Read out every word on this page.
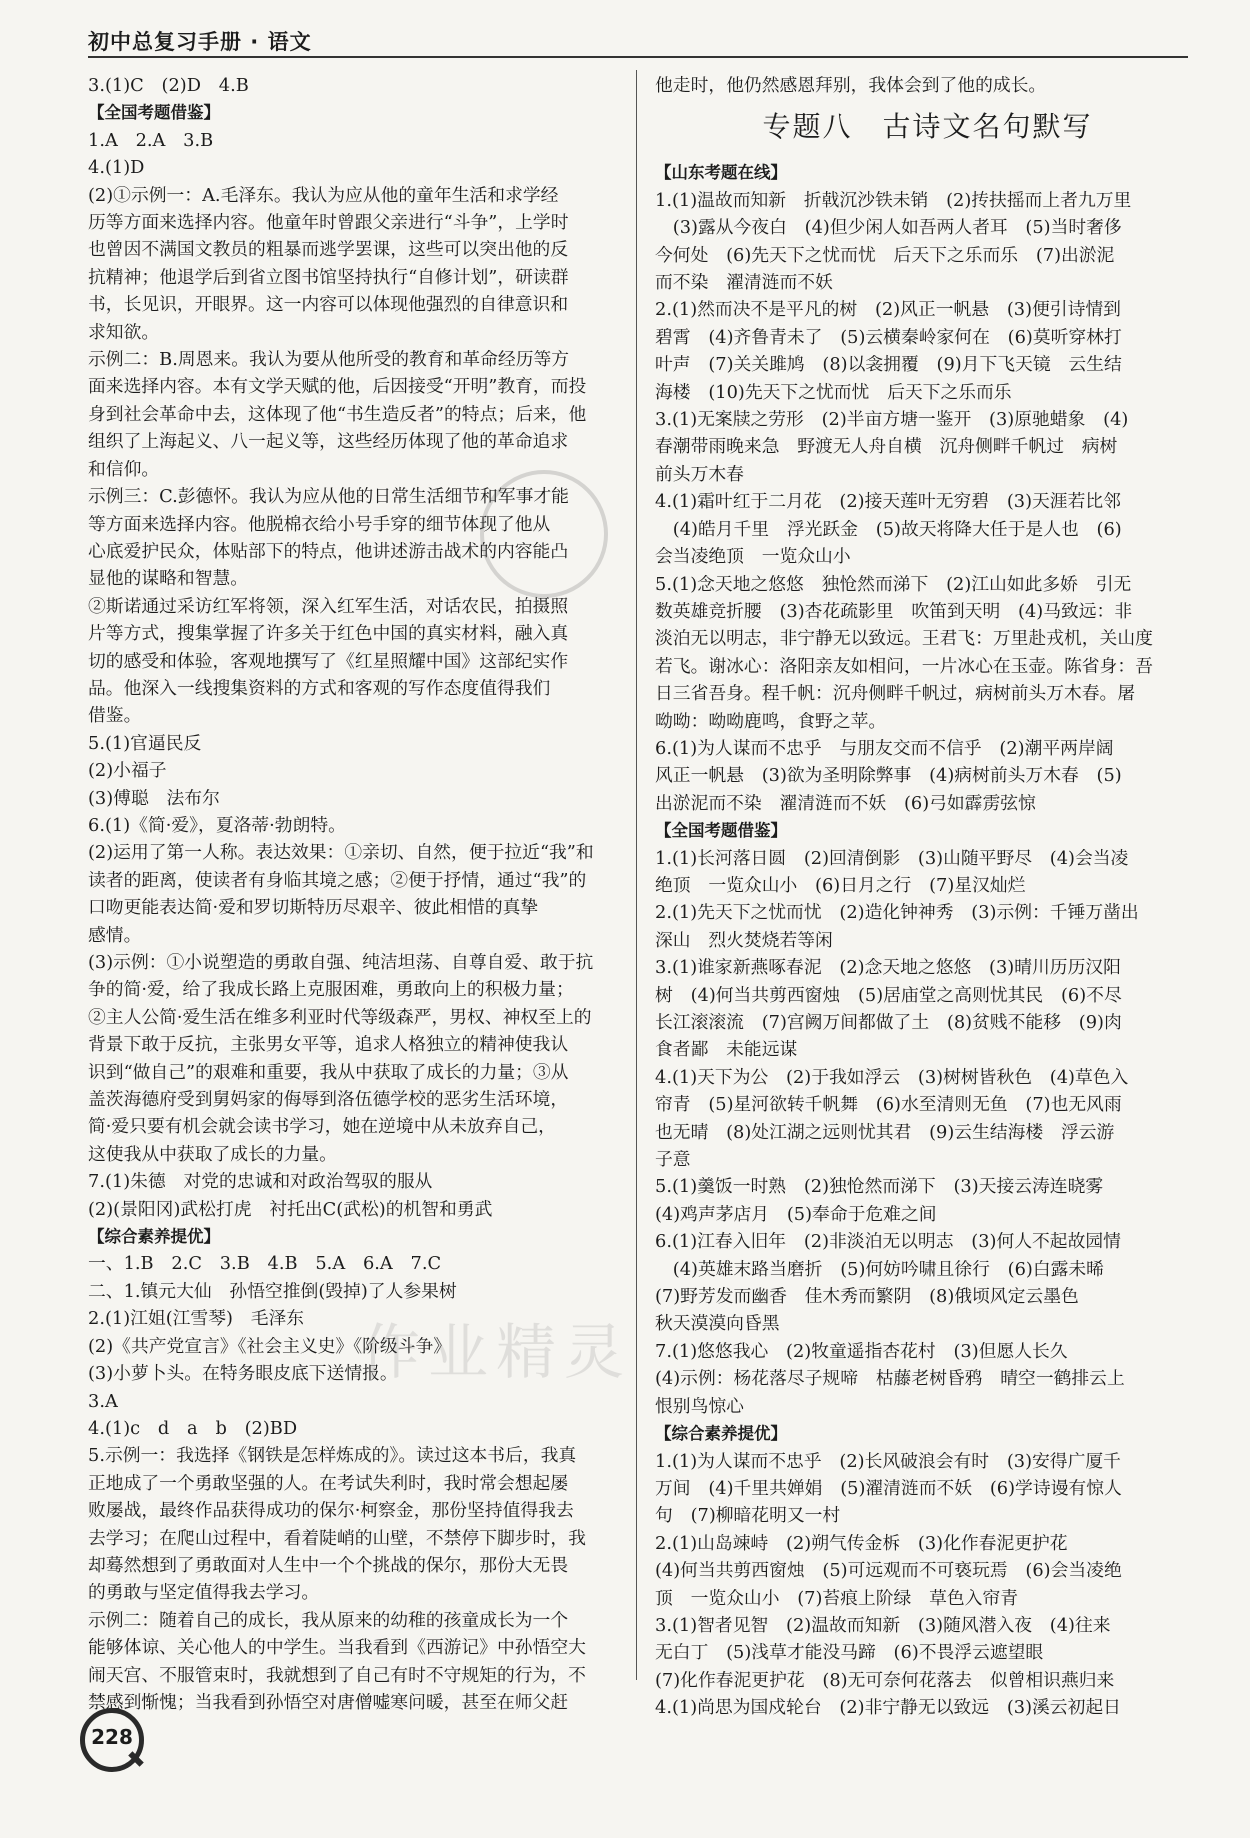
初中总复习手册 · 语文

3.(1)C　(2)D　4.B

【全国考题借鉴】

1.A　2.A　3.B

4.(1)D

(2)①示例一：A.毛泽东。我认为应从他的童年生活和求学经

历等方面来选择内容。他童年时曾跟父亲进行“斗争”，上学时

也曾因不满国文教员的粗暴而逃学罢课，这些可以突出他的反

抗精神；他退学后到省立图书馆坚持执行“自修计划”，研读群

书，长见识，开眼界。这一内容可以体现他强烈的自律意识和

求知欲。

示例二：B.周恩来。我认为要从他所受的教育和革命经历等方

面来选择内容。本有文学天赋的他，后因接受“开明”教育，而投

身到社会革命中去，这体现了他“书生造反者”的特点；后来，他

组织了上海起义、八一起义等，这些经历体现了他的革命追求

和信仰。

示例三：C.彭德怀。我认为应从他的日常生活细节和军事才能

等方面来选择内容。他脱棉衣给小号手穿的细节体现了他从

心底爱护民众，体贴部下的特点，他讲述游击战术的内容能凸

显他的谋略和智慧。

②斯诺通过采访红军将领，深入红军生活，对话农民，拍摄照

片等方式，搜集掌握了许多关于红色中国的真实材料，融入真

切的感受和体验，客观地撰写了《红星照耀中国》这部纪实作

品。他深入一线搜集资料的方式和客观的写作态度值得我们

借鉴。

5.(1)官逼民反

(2)小福子

(3)傅聪　法布尔

6.(1)《简·爱》，夏洛蒂·勃朗特。

(2)运用了第一人称。表达效果：①亲切、自然，便于拉近“我”和

读者的距离，使读者有身临其境之感；②便于抒情，通过“我”的

口吻更能表达简·爱和罗切斯特历尽艰辛、彼此相惜的真挚

感情。

(3)示例：①小说塑造的勇敢自强、纯洁坦荡、自尊自爱、敢于抗

争的简·爱，给了我成长路上克服困难，勇敢向上的积极力量；

②主人公简·爱生活在维多利亚时代等级森严，男权、神权至上的

背景下敢于反抗，主张男女平等，追求人格独立的精神使我认

识到“做自己”的艰难和重要，我从中获取了成长的力量；③从

盖茨海德府受到舅妈家的侮辱到洛伍德学校的恶劣生活环境，

简·爱只要有机会就会读书学习，她在逆境中从未放弃自己，

这使我从中获取了成长的力量。

7.(1)朱德　对党的忠诚和对政治驾驭的服从

(2)(景阳冈)武松打虎　衬托出C(武松)的机智和勇武

【综合素养提优】

一、1.B　2.C　3.B　4.B　5.A　6.A　7.C

二、1.镇元大仙　孙悟空推倒(毁掉)了人参果树

2.(1)江姐(江雪琴)　毛泽东

(2)《共产党宣言》《社会主义史》《阶级斗争》

(3)小萝卜头。在特务眼皮底下送情报。

3.A

4.(1)c　d　a　b　(2)BD

5.示例一：我选择《钢铁是怎样炼成的》。读过这本书后，我真

正地成了一个勇敢坚强的人。在考试失利时，我时常会想起屡

败屡战，最终作品获得成功的保尔·柯察金，那份坚持值得我去

去学习；在爬山过程中，看着陡峭的山壁，不禁停下脚步时，我

却蓦然想到了勇敢面对人生中一个个挑战的保尔，那份大无畏

的勇敢与坚定值得我去学习。

示例二：随着自己的成长，我从原来的幼稚的孩童成长为一个

能够体谅、关心他人的中学生。当我看到《西游记》中孙悟空大

闹天宫、不服管束时，我就想到了自己有时不守规矩的行为，不

禁感到惭愧；当我看到孙悟空对唐僧嘘寒问暖，甚至在师父赶

他走时，他仍然感恩拜别，我体会到了他的成长。

专题八　古诗文名句默写

【山东考题在线】

1.(1)温故而知新　折戟沉沙铁未销　(2)抟扶摇而上者九万里

　(3)露从今夜白　(4)但少闲人如吾两人者耳　(5)当时奢侈

今何处　(6)先天下之忧而忧　后天下之乐而乐　(7)出淤泥

而不染　濯清涟而不妖

2.(1)然而决不是平凡的树　(2)风正一帆悬　(3)便引诗情到

碧霄　(4)齐鲁青未了　(5)云横秦岭家何在　(6)莫听穿林打

叶声　(7)关关雎鸠　(8)以衾拥覆　(9)月下飞天镜　云生结

海楼　(10)先天下之忧而忧　后天下之乐而乐

3.(1)无案牍之劳形　(2)半亩方塘一鉴开　(3)原驰蜡象　(4)

春潮带雨晚来急　野渡无人舟自横　沉舟侧畔千帆过　病树

前头万木春

4.(1)霜叶红于二月花　(2)接天莲叶无穷碧　(3)天涯若比邻

　(4)皓月千里　浮光跃金　(5)故天将降大任于是人也　(6)

会当凌绝顶　一览众山小

5.(1)念天地之悠悠　独怆然而涕下　(2)江山如此多娇　引无

数英雄竞折腰　(3)杏花疏影里　吹笛到天明　(4)马致远：非

淡泊无以明志，非宁静无以致远。王君飞：万里赴戎机，关山度

若飞。谢冰心：洛阳亲友如相问，一片冰心在玉壶。陈省身：吾

日三省吾身。程千帆：沉舟侧畔千帆过，病树前头万木春。屠

呦呦：呦呦鹿鸣，食野之苹。

6.(1)为人谋而不忠乎　与朋友交而不信乎　(2)潮平两岸阔

风正一帆悬　(3)欲为圣明除弊事　(4)病树前头万木春　(5)

出淤泥而不染　濯清涟而不妖　(6)弓如霹雳弦惊

【全国考题借鉴】

1.(1)长河落日圆　(2)回清倒影　(3)山随平野尽　(4)会当凌

绝顶　一览众山小　(6)日月之行　(7)星汉灿烂

2.(1)先天下之忧而忧　(2)造化钟神秀　(3)示例：千锤万凿出

深山　烈火焚烧若等闲

3.(1)谁家新燕啄春泥　(2)念天地之悠悠　(3)晴川历历汉阳

树　(4)何当共剪西窗烛　(5)居庙堂之高则忧其民　(6)不尽

长江滚滚流　(7)宫阙万间都做了土　(8)贫贱不能移　(9)肉

食者鄙　未能远谋

4.(1)天下为公　(2)于我如浮云　(3)树树皆秋色　(4)草色入

帘青　(5)星河欲转千帆舞　(6)水至清则无鱼　(7)也无风雨

也无晴　(8)处江湖之远则忧其君　(9)云生结海楼　浮云游

子意

5.(1)羹饭一时熟　(2)独怆然而涕下　(3)天接云涛连晓雾

(4)鸡声茅店月　(5)奉命于危难之间

6.(1)江春入旧年　(2)非淡泊无以明志　(3)何人不起故园情

　(4)英雄末路当磨折　(5)何妨吟啸且徐行　(6)白露未晞

(7)野芳发而幽香　佳木秀而繁阴　(8)俄顷风定云墨色

秋天漠漠向昏黑

7.(1)悠悠我心　(2)牧童遥指杏花村　(3)但愿人长久

(4)示例：杨花落尽子规啼　枯藤老树昏鸦　晴空一鹤排云上

恨别鸟惊心

【综合素养提优】

1.(1)为人谋而不忠乎　(2)长风破浪会有时　(3)安得广厦千

万间　(4)千里共婵娟　(5)濯清涟而不妖　(6)学诗谩有惊人

句　(7)柳暗花明又一村

2.(1)山岛竦峙　(2)朔气传金柝　(3)化作春泥更护花

(4)何当共剪西窗烛　(5)可远观而不可亵玩焉　(6)会当凌绝

顶　一览众山小　(7)苔痕上阶绿　草色入帘青

3.(1)智者见智　(2)温故而知新　(3)随风潜入夜　(4)往来

无白丁　(5)浅草才能没马蹄　(6)不畏浮云遮望眼

(7)化作春泥更护花　(8)无可奈何花落去　似曾相识燕归来

4.(1)尚思为国戍轮台　(2)非宁静无以致远　(3)溪云初起日

作业精灵
228
